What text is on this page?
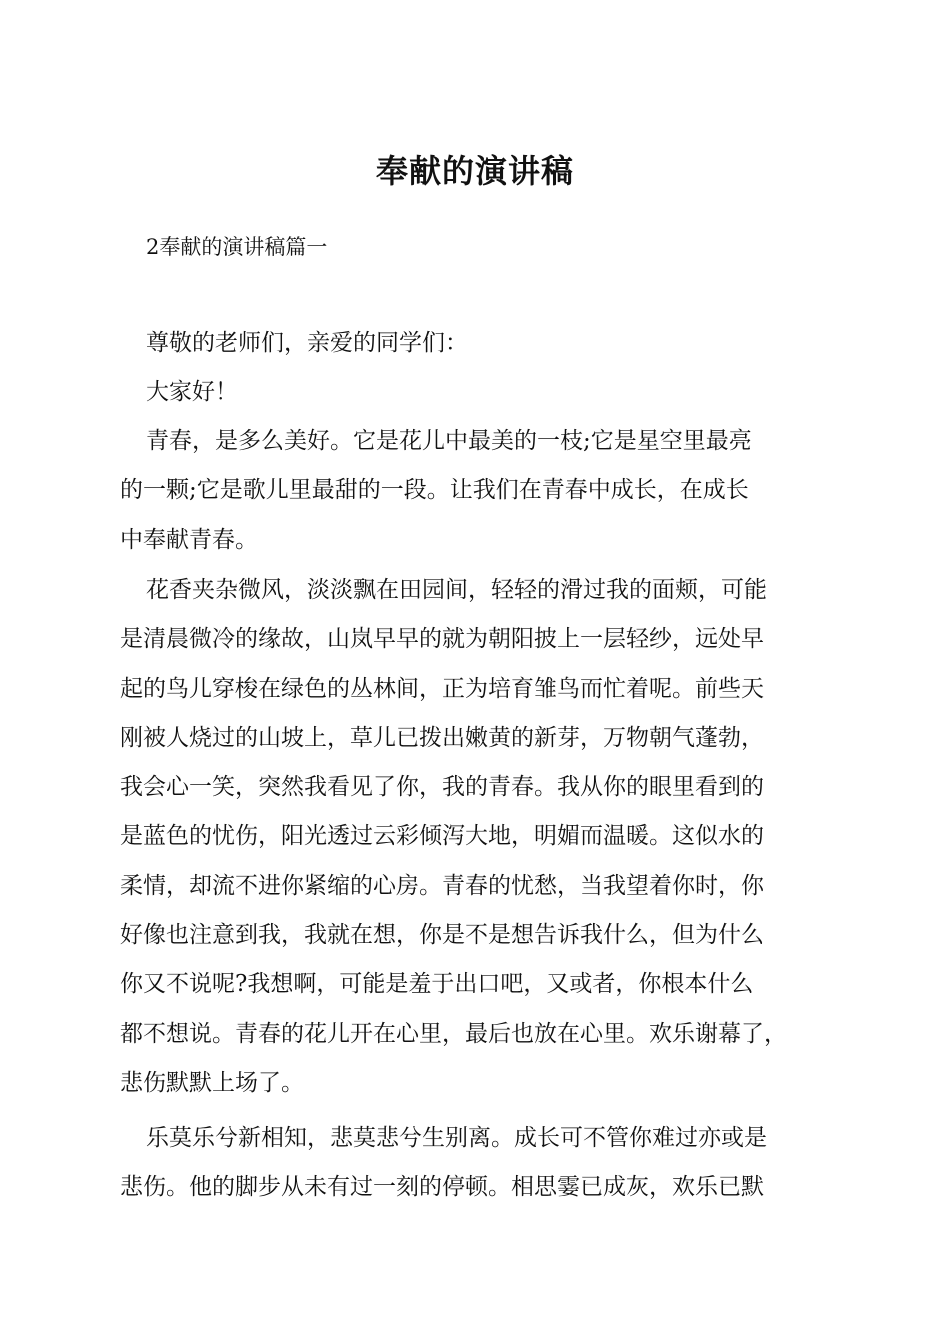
奉献的演讲稿
2奉献的演讲稿篇一
尊敬的老师们，亲爱的同学们：
大家好！
青春，是多么美好。它是花儿中最美的一枝;它是星空里最亮
的一颗;它是歌儿里最甜的一段。让我们在青春中成长，在成长
中奉献青春。
花香夹杂微风，淡淡飘在田园间，轻轻的滑过我的面颊，可能
是清晨微冷的缘故，山岚早早的就为朝阳披上一层轻纱，远处早
起的鸟儿穿梭在绿色的丛林间，正为培育雏鸟而忙着呢。前些天
刚被人烧过的山坡上，草儿已拨出嫩黄的新芽，万物朝气蓬勃，
我会心一笑，突然我看见了你，我的青春。我从你的眼里看到的
是蓝色的忧伤，阳光透过云彩倾泻大地，明媚而温暖。这似水的
柔情，却流不进你紧缩的心房。青春的忧愁，当我望着你时，你
好像也注意到我，我就在想，你是不是想告诉我什么，但为什么
你又不说呢?我想啊，可能是羞于出口吧，又或者，你根本什么
都不想说。青春的花儿开在心里，最后也放在心里。欢乐谢幕了，
悲伤默默上场了。
乐莫乐兮新相知，悲莫悲兮生别离。成长可不管你难过亦或是
悲伤。他的脚步从未有过一刻的停顿。相思霎已成灰，欢乐已默
